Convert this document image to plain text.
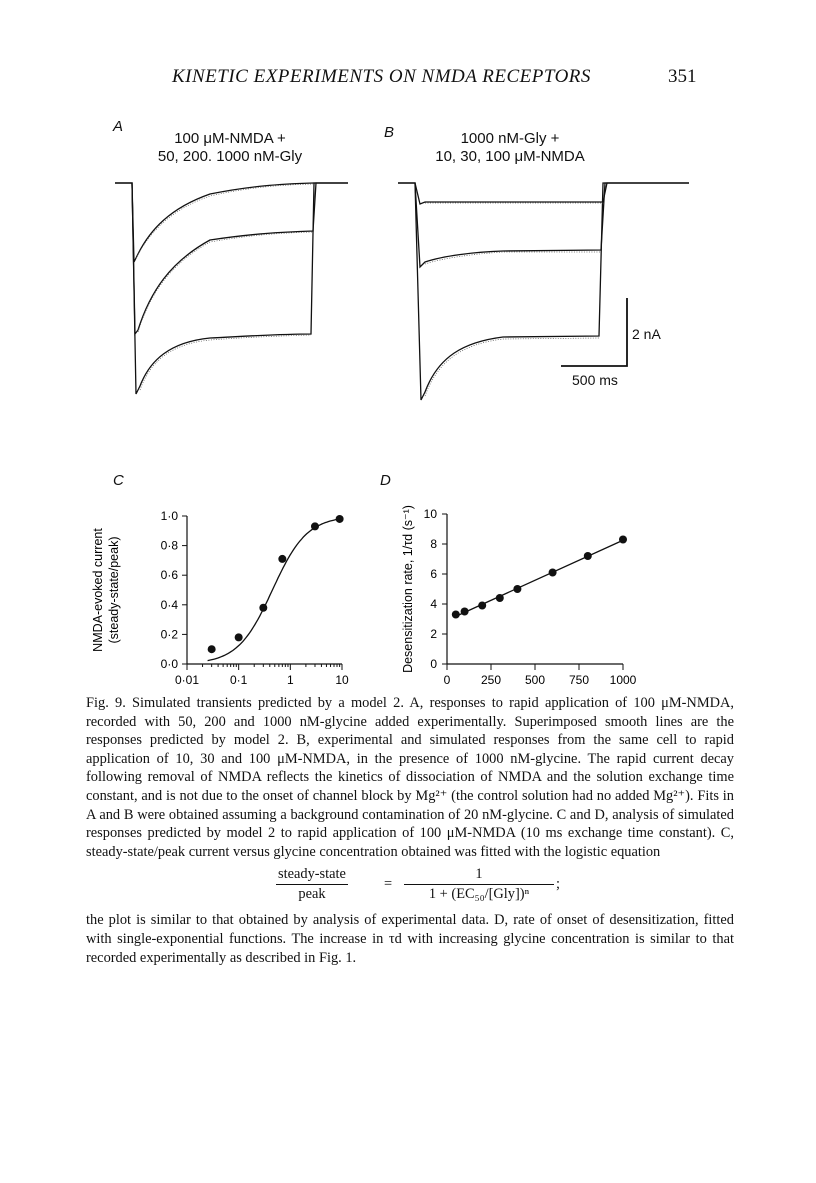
KINETIC EXPERIMENTS ON NMDA RECEPTORS	351
A
100 μM-NMDA +
50, 200. 1000 nM-Gly
B	1000 nM-Gly +
10, 30, 100 μM-NMDA
2 nA
500 ms
C	D
0·0
0·2
0·4
0·6
0·8
1·0
0·01	0·1	1	10
NMDA-evoked current (steady-state/peak)
0
2
4
6
8
10
0	250 500 750 1000
Desensitization rate, 1/τd (s⁻¹)

Fig. 9. Simulated transients predicted by a model 2. A, responses to rapid application of 100 μM-NMDA, recorded with 50, 200 and 1000 nM-glycine added experimentally. Superimposed smooth lines are the responses predicted by model 2. B, experimental and simulated responses from the same cell to rapid application of 10, 30 and 100 μM-NMDA, in the presence of 1000 nM-glycine. The rapid current decay following removal of NMDA reflects the kinetics of dissociation of NMDA and the solution exchange time constant, and is not due to the onset of channel block by Mg²⁺ (the control solution had no added Mg²⁺). Fits in A and B were obtained assuming a background contamination of 20 nM-glycine. C and D, analysis of simulated responses predicted by model 2 to rapid application of 100 μM-NMDA (10 ms exchange time constant). C, steady-state/peak current versus glycine concentration obtained was fitted with the logistic equation

steady-state
peak
=
1
1 + (EC₅₀/[Gly])ⁿ
;

the plot is similar to that obtained by analysis of experimental data. D, rate of onset of desensitization, fitted with single-exponential functions. The increase in τd with increasing glycine concentration is similar to that recorded experimentally as described in Fig. 1.
